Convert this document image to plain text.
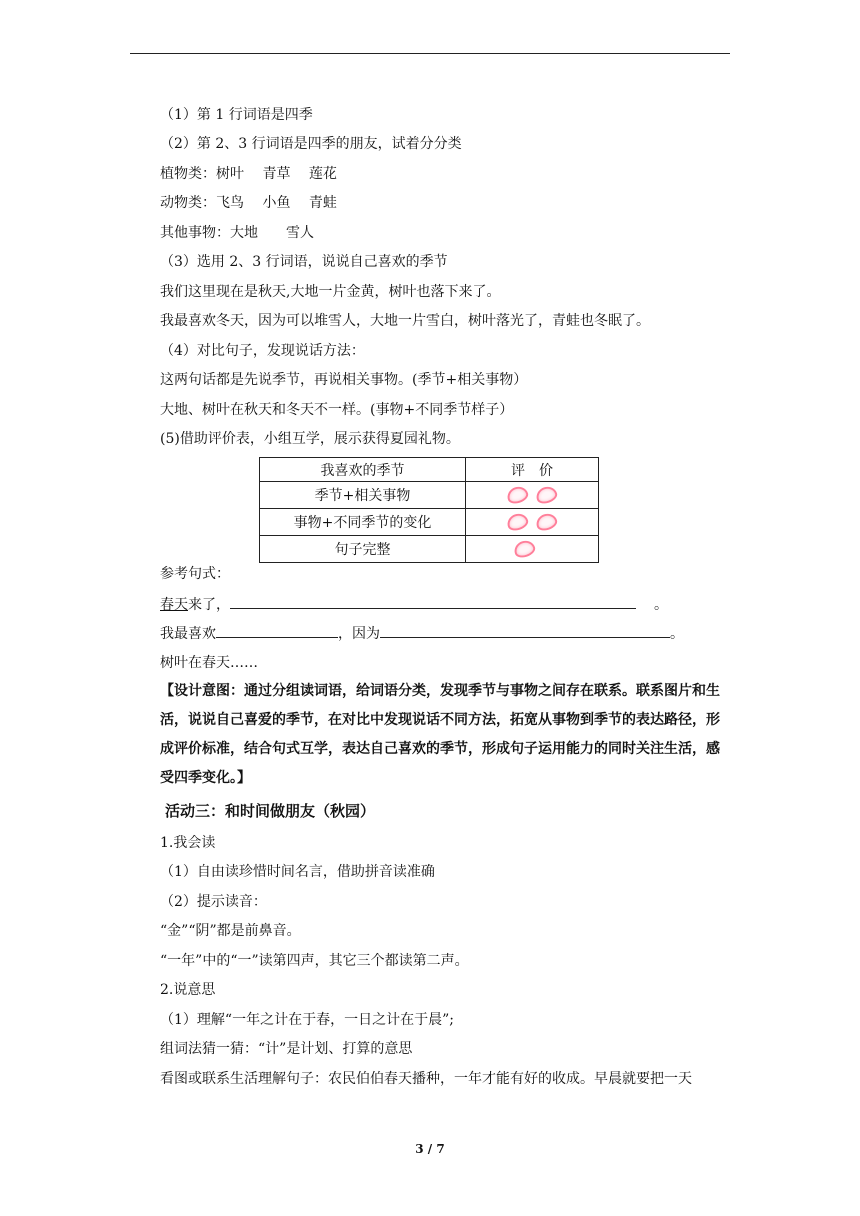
（1）第 1 行词语是四季
（2）第 2、3 行词语是四季的朋友，试着分分类
植物类：树叶　 青草　 莲花
动物类：飞鸟　 小鱼　 青蛙
其他事物：大地　　雪人
（3）选用 2、3 行词语，说说自己喜欢的季节
我们这里现在是秋天,大地一片金黄，树叶也落下来了。
我最喜欢冬天，因为可以堆雪人，大地一片雪白，树叶落光了，青蛙也冬眠了。
（4）对比句子，发现说话方法：
这两句话都是先说季节，再说相关事物。(季节+相关事物）
大地、树叶在秋天和冬天不一样。(事物+不同季节样子）
(5)借助评价表，小组互学，展示获得夏园礼物。
我喜欢的季节	评　价
季节+相关事物	
事物+不同季节的变化	
句子完整	
参考句式：
春天来了，	。
我最喜欢	，因为	。
树叶在春天……
【设计意图：通过分组读词语，给词语分类，发现季节与事物之间存在联系。联系图片和生活，说说自己喜爱的季节，在对比中发现说话不同方法，拓宽从事物到季节的表达路径，形成评价标准，结合句式互学，表达自己喜欢的季节，形成句子运用能力的同时关注生活，感受四季变化。】
活动三：和时间做朋友（秋园）
1.我会读
（1）自由读珍惜时间名言，借助拼音读准确
（2）提示读音：
“金”“阴”都是前鼻音。
“一年”中的“一”读第四声，其它三个都读第二声。
2.说意思
（1）理解“一年之计在于春，一日之计在于晨”;
组词法猜一猜：“计”是计划、打算的意思
看图或联系生活理解句子：农民伯伯春天播种，一年才能有好的收成。早晨就要把一天
3 / 7
